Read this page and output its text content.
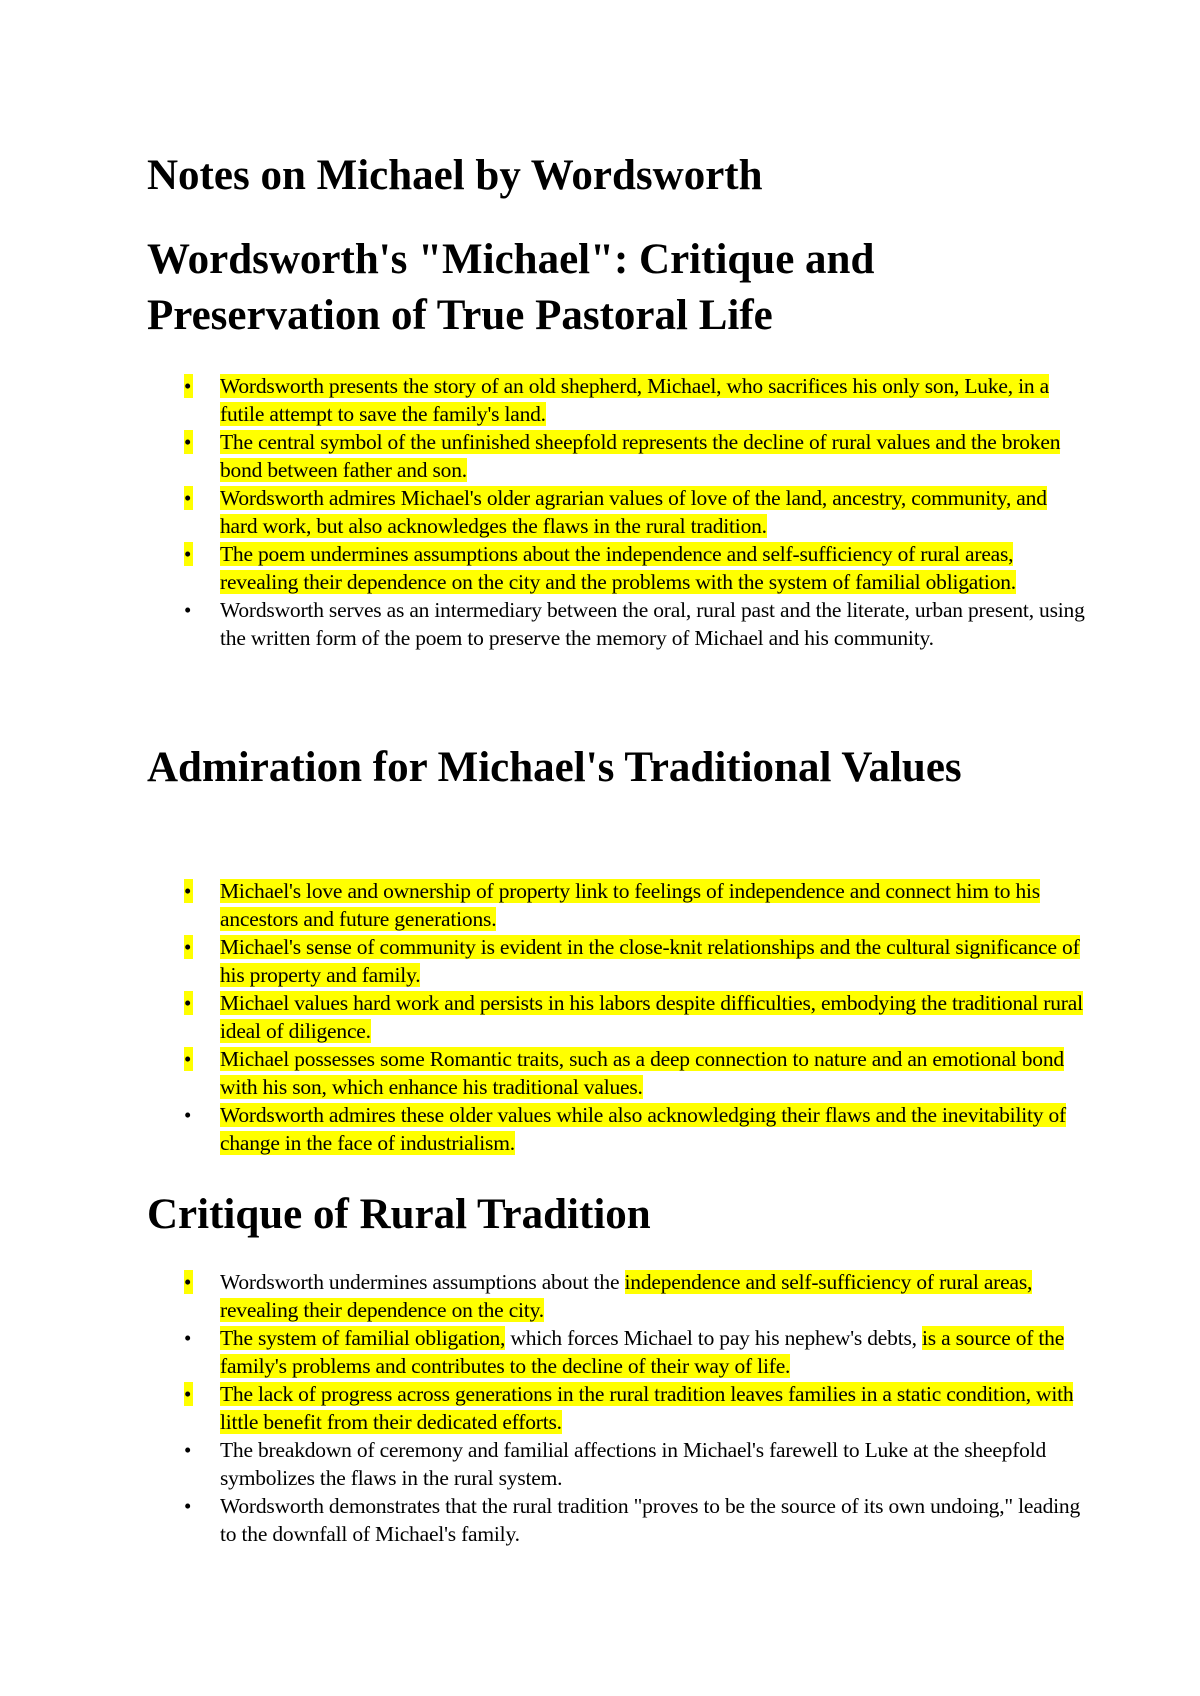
Notes on Michael by Wordsworth
Wordsworth's "Michael": Critique and Preservation of True Pastoral Life
•	Wordsworth presents the story of an old shepherd, Michael, who sacrifices his only son, Luke, in a futile attempt to save the family's land.
•	The central symbol of the unfinished sheepfold represents the decline of rural values and the broken bond between father and son.
•	Wordsworth admires Michael's older agrarian values of love of the land, ancestry, community, and hard work, but also acknowledges the flaws in the rural tradition.
•	The poem undermines assumptions about the independence and self-sufficiency of rural areas, revealing their dependence on the city and the problems with the system of familial obligation.
•	Wordsworth serves as an intermediary between the oral, rural past and the literate, urban present, using the written form of the poem to preserve the memory of Michael and his community.
Admiration for Michael's Traditional Values
•	Michael's love and ownership of property link to feelings of independence and connect him to his ancestors and future generations.
•	Michael's sense of community is evident in the close-knit relationships and the cultural significance of his property and family.
•	Michael values hard work and persists in his labors despite difficulties, embodying the traditional rural ideal of diligence.
•	Michael possesses some Romantic traits, such as a deep connection to nature and an emotional bond with his son, which enhance his traditional values.
•	Wordsworth admires these older values while also acknowledging their flaws and the inevitability of change in the face of industrialism.
Critique of Rural Tradition
•	Wordsworth undermines assumptions about the independence and self-sufficiency of rural areas, revealing their dependence on the city.
•	The system of familial obligation, which forces Michael to pay his nephew's debts, is a source of the family's problems and contributes to the decline of their way of life.
•	The lack of progress across generations in the rural tradition leaves families in a static condition, with little benefit from their dedicated efforts.
•	The breakdown of ceremony and familial affections in Michael's farewell to Luke at the sheepfold symbolizes the flaws in the rural system.
•	Wordsworth demonstrates that the rural tradition "proves to be the source of its own undoing," leading to the downfall of Michael's family.
